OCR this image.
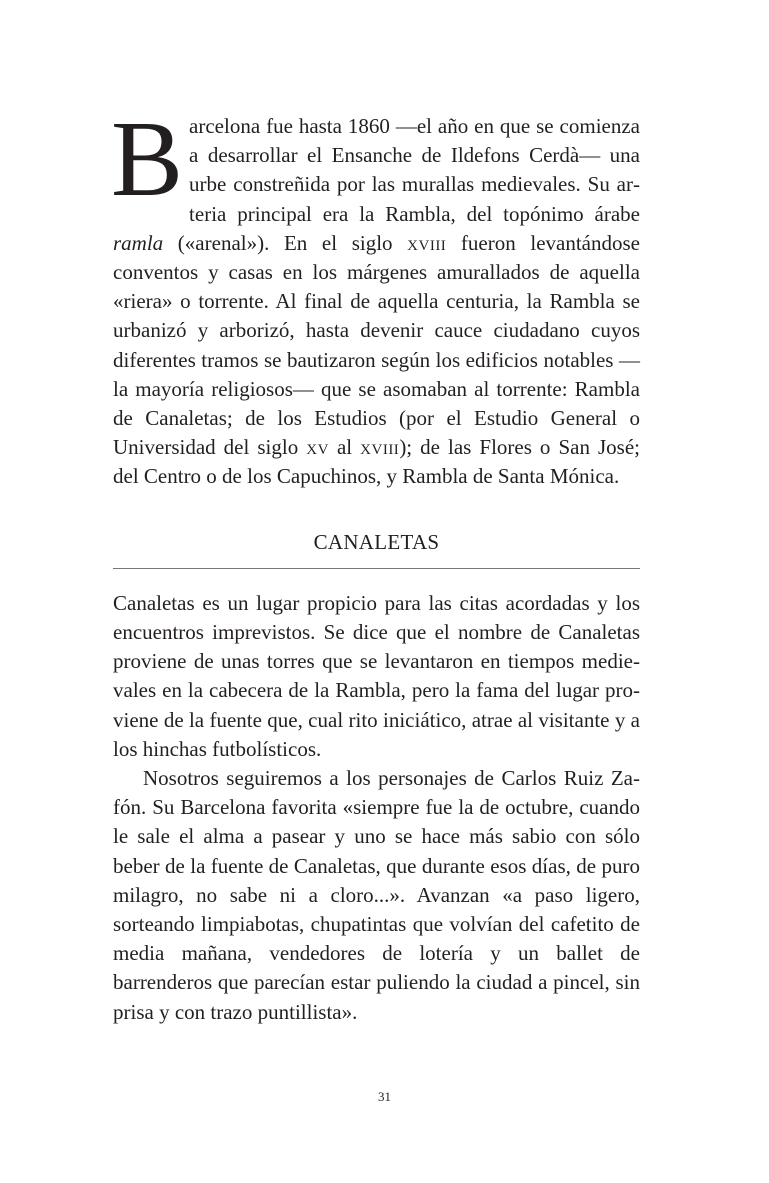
Barcelona fue hasta 1860 —el año en que se comienza a desarrollar el Ensanche de Ildefons Cerdà— una urbe constreñida por las murallas medievales. Su arteria principal era la Rambla, del topónimo árabe ramla («arenal»). En el siglo xviii fueron levantándose conventos y casas en los márgenes amurallados de aquella «riera» o torrente. Al final de aquella centuria, la Rambla se urbanizó y arborizó, hasta devenir cauce ciudadano cuyos diferentes tramos se bautizaron según los edificios notables —la mayoría religiosos— que se asomaban al torrente: Rambla de Canaletas; de los Estudios (por el Estudio General o Universidad del siglo xv al xviii); de las Flores o San José; del Centro o de los Capuchinos, y Rambla de Santa Mónica.

CANALETAS

Canaletas es un lugar propicio para las citas acordadas y los encuentros imprevistos. Se dice que el nombre de Canaletas proviene de unas torres que se levantaron en tiempos medievales en la cabecera de la Rambla, pero la fama del lugar proviene de la fuente que, cual rito iniciático, atrae al visitante y a los hinchas futbolísticos.

Nosotros seguiremos a los personajes de Carlos Ruiz Zafón. Su Barcelona favorita «siempre fue la de octubre, cuando le sale el alma a pasear y uno se hace más sabio con sólo beber de la fuente de Canaletas, que durante esos días, de puro milagro, no sabe ni a cloro...». Avanzan «a paso ligero, sorteando limpiabotas, chupatintas que volvían del cafetito de media mañana, vendedores de lotería y un ballet de barrenderos que parecían estar puliendo la ciudad a pincel, sin prisa y con trazo puntillista».

31
